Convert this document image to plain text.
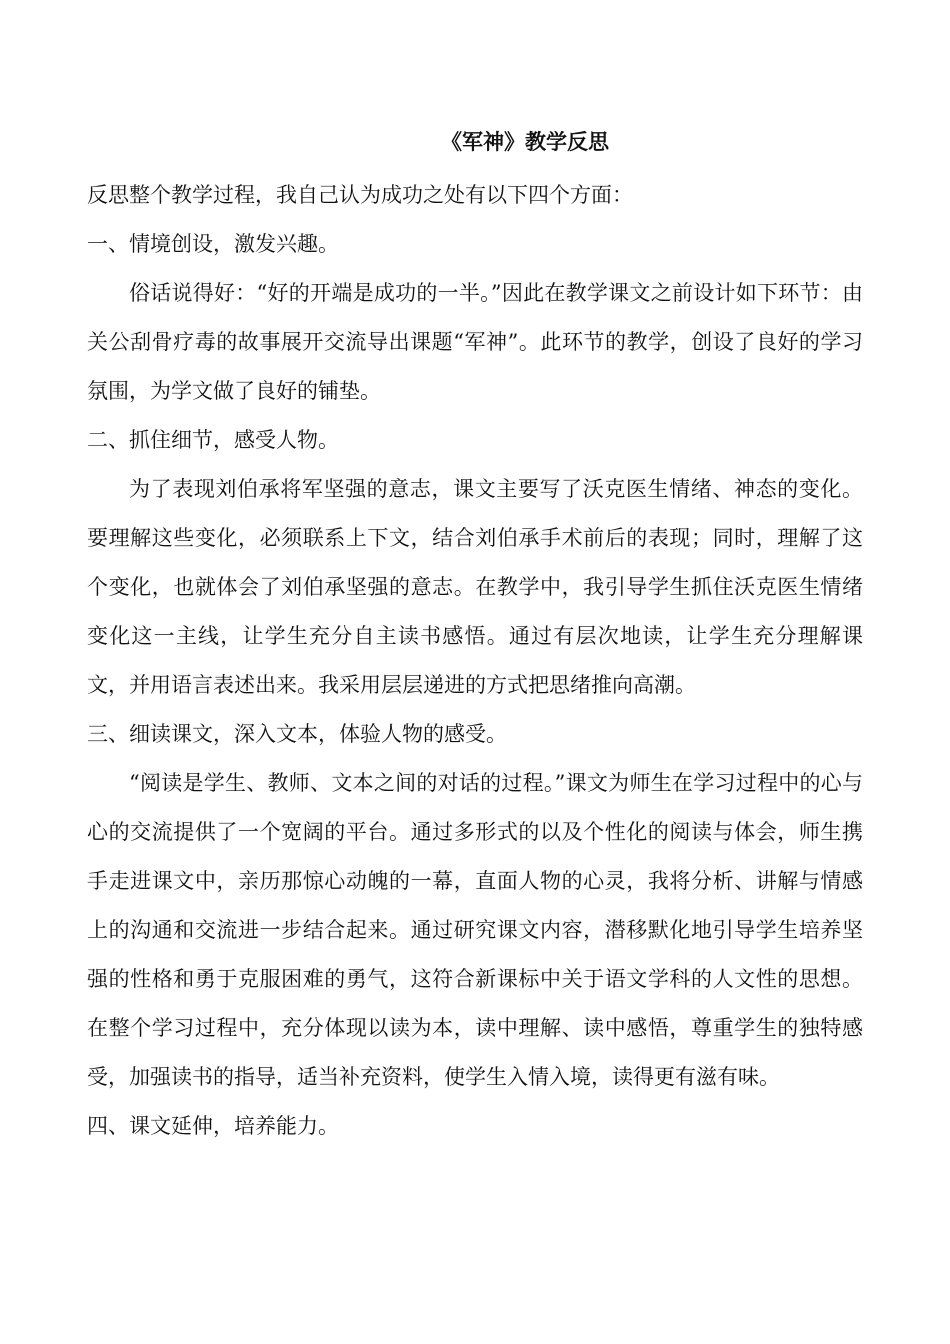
《军神》教学反思

反思整个教学过程，我自己认为成功之处有以下四个方面：

一、情境创设，激发兴趣。

俗话说得好：“好的开端是成功的一半。”因此在教学课文之前设计如下环节：由关公刮骨疗毒的故事展开交流导出课题“军神”。此环节的教学，创设了良好的学习氛围，为学文做了良好的铺垫。

二、抓住细节，感受人物。

为了表现刘伯承将军坚强的意志，课文主要写了沃克医生情绪、神态的变化。要理解这些变化，必须联系上下文，结合刘伯承手术前后的表现；同时，理解了这个变化，也就体会了刘伯承坚强的意志。在教学中，我引导学生抓住沃克医生情绪变化这一主线，让学生充分自主读书感悟。通过有层次地读，让学生充分理解课文，并用语言表述出来。我采用层层递进的方式把思绪推向高潮。

三、细读课文，深入文本，体验人物的感受。

“阅读是学生、教师、文本之间的对话的过程。”课文为师生在学习过程中的心与心的交流提供了一个宽阔的平台。通过多形式的以及个性化的阅读与体会，师生携手走进课文中，亲历那惊心动魄的一幕，直面人物的心灵，我将分析、讲解与情感上的沟通和交流进一步结合起来。通过研究课文内容，潜移默化地引导学生培养坚强的性格和勇于克服困难的勇气，这符合新课标中关于语文学科的人文性的思想。在整个学习过程中，充分体现以读为本，读中理解、读中感悟，尊重学生的独特感受，加强读书的指导，适当补充资料，使学生入情入境，读得更有滋有味。

四、课文延伸，培养能力。
